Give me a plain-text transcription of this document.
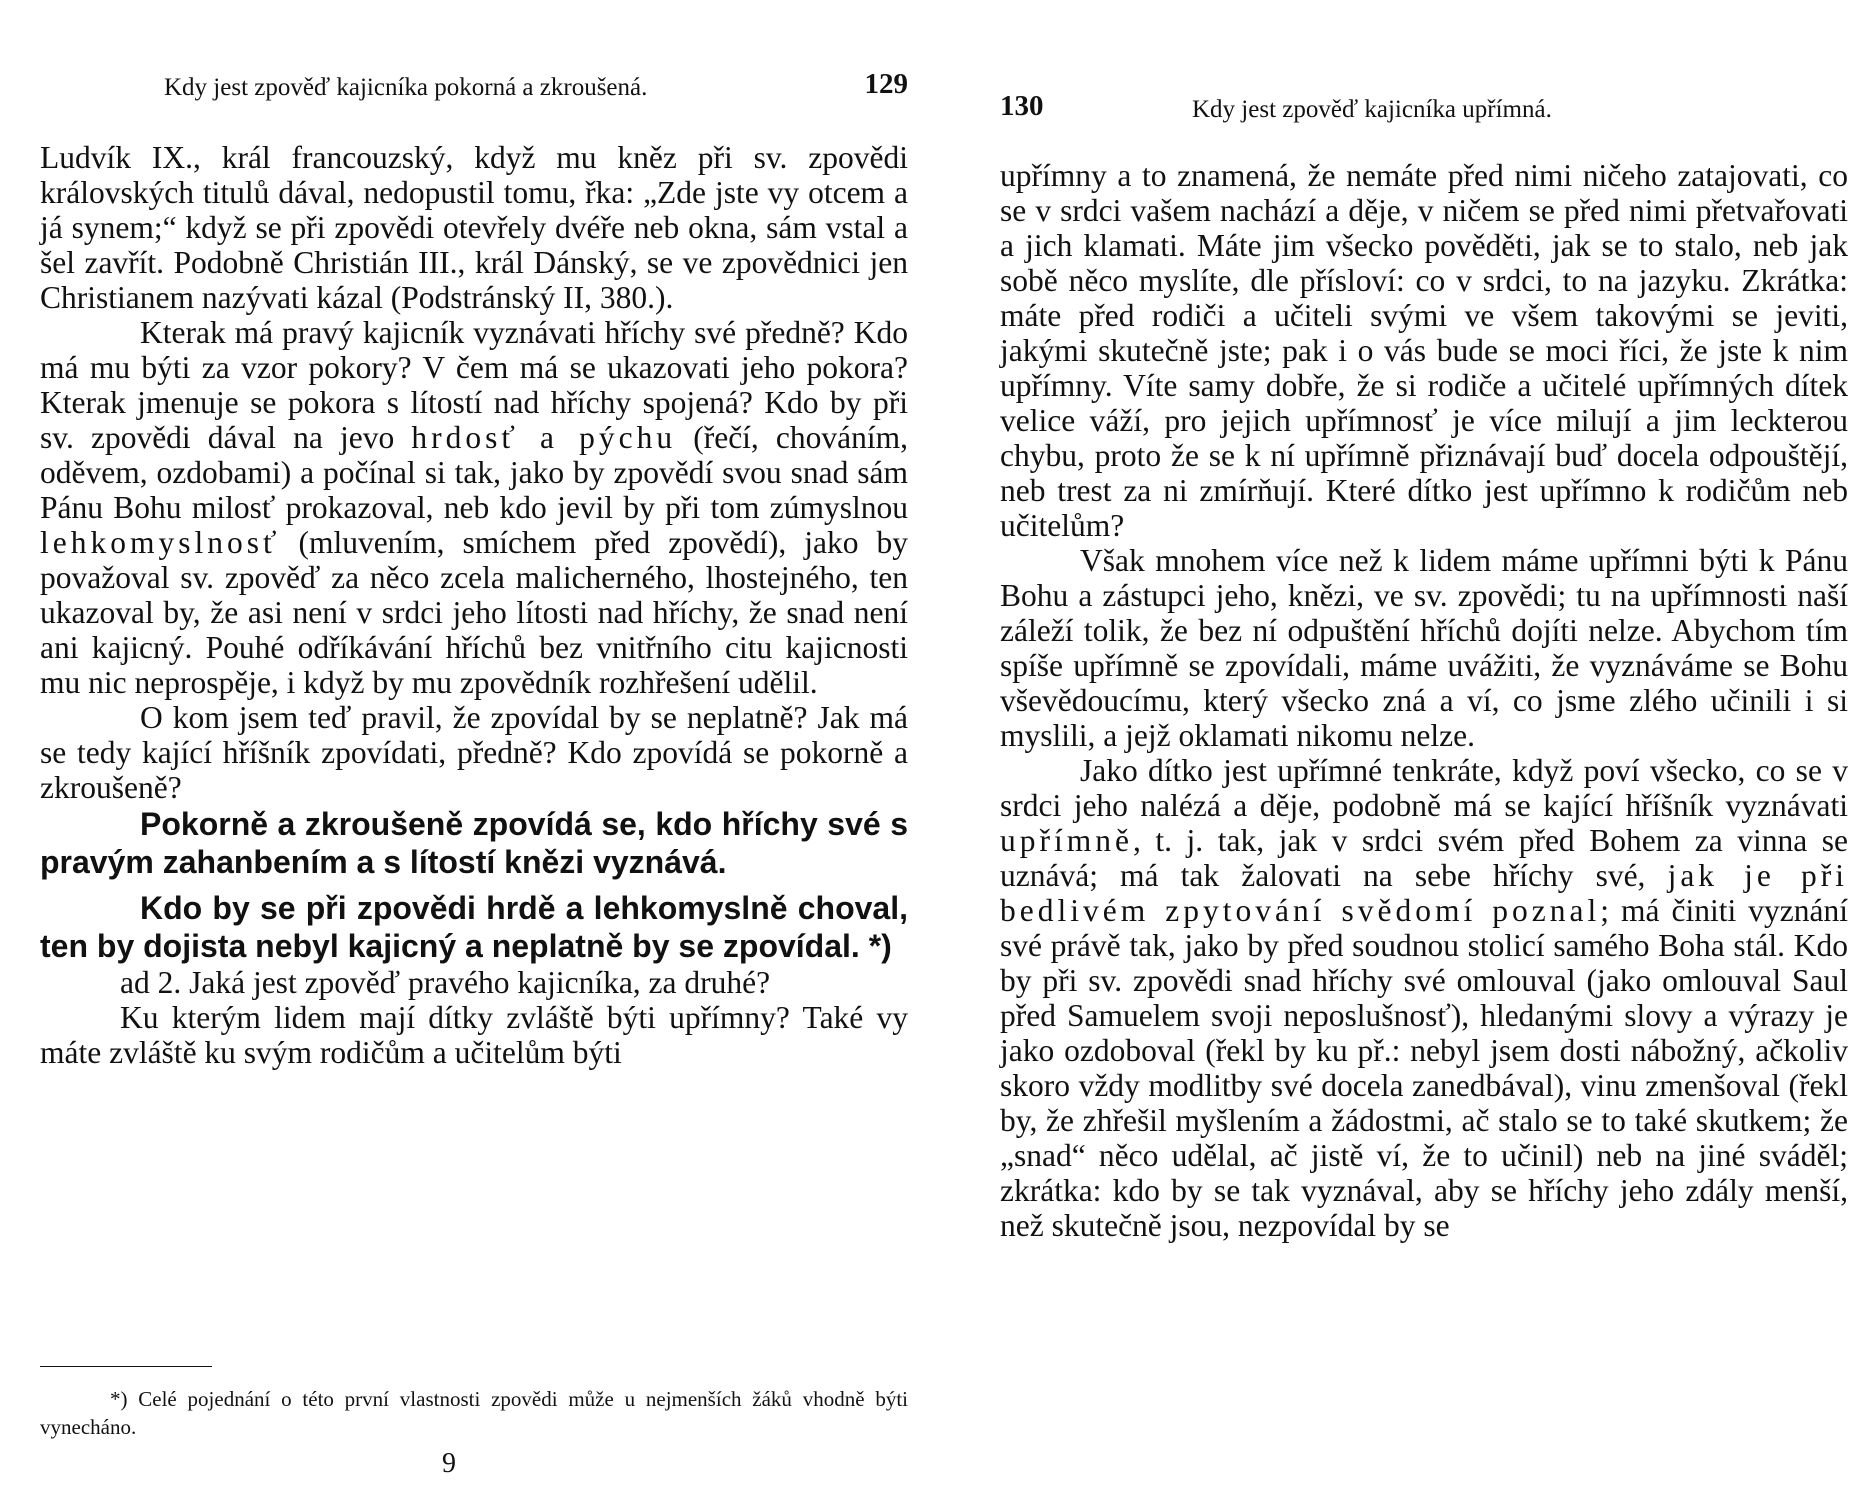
Kdy jest zpověď kajicníka pokorná a zkroušená.	129

Ludvík IX., král francouzský, když mu kněz při sv. zpovědi královských titulů dával, nedopustil tomu, řka: „Zde jste vy otcem a já synem;“ když se při zpovědi otevřely dvéře neb okna, sám vstal a šel zavřít. Podobně Christián III., král Dánský, se ve zpovědnici jen Christianem nazývati kázal (Podstránský II, 380.).

Kterak má pravý kajicník vyznávati hříchy své předně? Kdo má mu býti za vzor pokory? V čem má se ukazovati jeho pokora? Kterak jmenuje se pokora s lítostí nad hříchy spojená? Kdo by při sv. zpovědi dával na jevo hrdosť a pýchu (řečí, chováním, oděvem, ozdobami) a počínal si tak, jako by zpovědí svou snad sám Pánu Bohu milosť prokazoval, neb kdo jevil by při tom zúmyslnou lehkomyslnosť (mluvením, smíchem před zpovědí), jako by považoval sv. zpověď za něco zcela malicherného, lhostejného, ten ukazoval by, že asi není v srdci jeho lítosti nad hříchy, že snad není ani kajicný. Pouhé odříkávání hříchů bez vnitřního citu kajicnosti mu nic neprospěje, i když by mu zpovědník rozhřešení udělil.

O kom jsem teď pravil, že zpovídal by se neplatně? Jak má se tedy kající hříšník zpovídati, předně? Kdo zpovídá se pokorně a zkroušeně?

Pokorně a zkroušeně zpovídá se, kdo hříchy své s pravým zahanbením a s lítostí knězi vyznává.

Kdo by se při zpovědi hrdě a lehkomyslně choval, ten by dojista nebyl kajicný a neplatně by se zpovídal. *)

ad 2. Jaká jest zpověď pravého kajicníka, za druhé?

Ku kterým lidem mají dítky zvláště býti upřímny? Také vy máte zvláště ku svým rodičům a učitelům býti

*) Celé pojednání o této první vlastnosti zpovědi může u nejmenších žáků vhodně býti vynecháno.
9
130	Kdy jest zpověď kajicníka upřímná.

upřímny a to znamená, že nemáte před nimi ničeho zatajovati, co se v srdci vašem nachází a děje, v ničem se před nimi přetvařovati a jich klamati. Máte jim všecko pověděti, jak se to stalo, neb jak sobě něco myslíte, dle přísloví: co v srdci, to na jazyku. Zkrátka: máte před rodiči a učiteli svými ve všem takovými se jeviti, jakými skutečně jste; pak i o vás bude se moci říci, že jste k nim upřímny. Víte samy dobře, že si rodiče a učitelé upřímných dítek velice váží, pro jejich upřímnosť je více milují a jim leckterou chybu, proto že se k ní upřímně přiznávají buď docela odpouštějí, neb trest za ni zmírňují. Které dítko jest upřímno k rodičům neb učitelům?

Však mnohem více než k lidem máme upřímni býti k Pánu Bohu a zástupci jeho, knězi, ve sv. zpovědi; tu na upřímnosti naší záleží tolik, že bez ní odpuštění hříchů dojíti nelze. Abychom tím spíše upřímně se zpovídali, máme uvážiti, že vyznáváme se Bohu vševědoucímu, který všecko zná a ví, co jsme zlého učinili i si myslili, a jejž oklamati nikomu nelze.

Jako dítko jest upřímné tenkráte, když poví všecko, co se v srdci jeho nalézá a děje, podobně má se kající hříšník vyznávati upřímně, t. j. tak, jak v srdci svém před Bohem za vinna se uznává; má tak žalovati na sebe hříchy své, jak je při bedlivém zpytování svědomí poznal; má činiti vyznání své právě tak, jako by před soudnou stolicí samého Boha stál. Kdo by při sv. zpovědi snad hříchy své omlouval (jako omlouval Saul před Samuelem svoji neposlušnosť), hledanými slovy a výrazy je jako ozdoboval (řekl by ku př.: nebyl jsem dosti nábožný, ačkoliv skoro vždy modlitby své docela zanedbával), vinu zmenšoval (řekl by, že zhřešil myšlením a žádostmi, ač stalo se to také skutkem; že „snad“ něco udělal, ač jistě ví, že to učinil) neb na jiné sváděl; zkrátka: kdo by se tak vyznával, aby se hříchy jeho zdály menší, než skutečně jsou, nezpovídal by se
